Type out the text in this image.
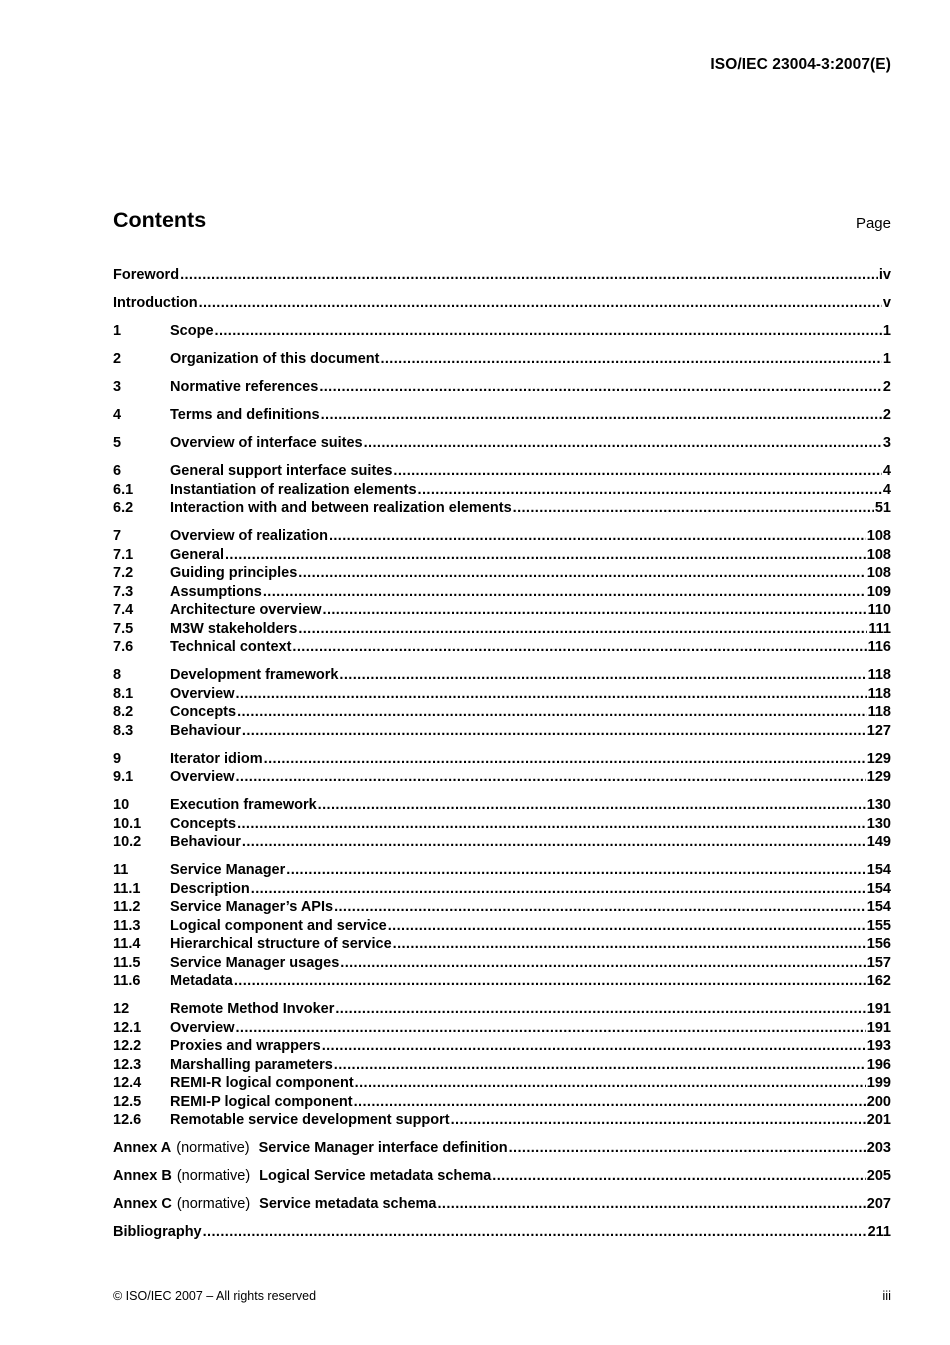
ISO/IEC 23004-3:2007(E)
Contents	Page
Foreword .....	iv
Introduction .....	v
1	Scope .....	1
2	Organization of this document .....	1
3	Normative references .....	2
4	Terms and definitions .....	2
5	Overview of interface suites .....	3
6	General support interface suites .....	4
6.1	Instantiation of realization elements .....	4
6.2	Interaction with and between realization elements .....	51
7	Overview of realization .....	108
7.1	General .....	108
7.2	Guiding principles .....	108
7.3	Assumptions .....	109
7.4	Architecture overview .....	110
7.5	M3W stakeholders .....	111
7.6	Technical context .....	116
8	Development framework .....	118
8.1	Overview .....	118
8.2	Concepts .....	118
8.3	Behaviour .....	127
9	Iterator idiom .....	129
9.1	Overview .....	129
10	Execution framework .....	130
10.1	Concepts .....	130
10.2	Behaviour .....	149
11	Service Manager .....	154
11.1	Description .....	154
11.2	Service Manager’s APIs .....	154
11.3	Logical component and service .....	155
11.4	Hierarchical structure of service .....	156
11.5	Service Manager usages .....	157
11.6	Metadata .....	162
12	Remote Method Invoker .....	191
12.1	Overview .....	191
12.2	Proxies and wrappers .....	193
12.3	Marshalling parameters .....	196
12.4	REMI-R logical component .....	199
12.5	REMI-P logical component .....	200
12.6	Remotable service development support .....	201
Annex A (normative) Service Manager interface definition .....	203
Annex B (normative) Logical Service metadata schema .....	205
Annex C (normative) Service metadata schema .....	207
Bibliography .....	211
© ISO/IEC 2007 – All rights reserved	iii
